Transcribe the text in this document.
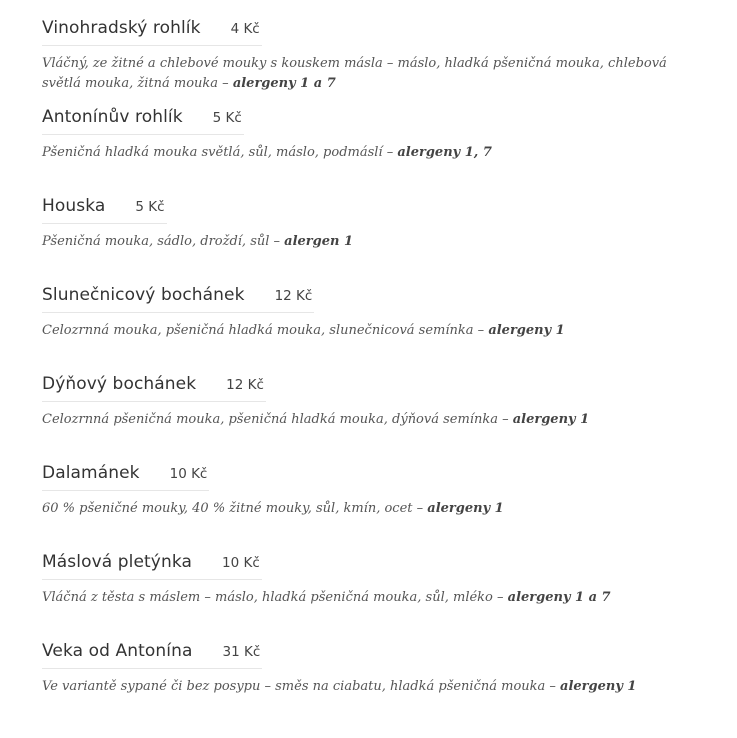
Vinohradský rohlík 4 Kč

Vláčný, ze žitné a chlebové mouky s kouskem másla – máslo, hladká pšeničná mouka, chlebová světlá mouka, žitná mouka – alergeny 1 a 7

Antonínův rohlík 5 Kč

Pšeničná hladká mouka světlá, sůl, máslo, podmáslí – alergeny 1, 7

Houska 5 Kč

Pšeničná mouka, sádlo, droždí, sůl – alergen 1

Slunečnicový bochánek 12 Kč

Celozrnná mouka, pšeničná hladká mouka, slunečnicová semínka – alergeny 1

Dýňový bochánek 12 Kč

Celozrnná pšeničná mouka, pšeničná hladká mouka, dýňová semínka – alergeny 1

Dalamánek 10 Kč

60 % pšeničné mouky, 40 % žitné mouky, sůl, kmín, ocet – alergeny 1

Máslová pletýnka 10 Kč

Vláčná z těsta s máslem – máslo, hladká pšeničná mouka, sůl, mléko – alergeny 1 a 7

Veka od Antonína 31 Kč

Ve variantě sypané či bez posypu – směs na ciabatu, hladká pšeničná mouka – alergeny 1
